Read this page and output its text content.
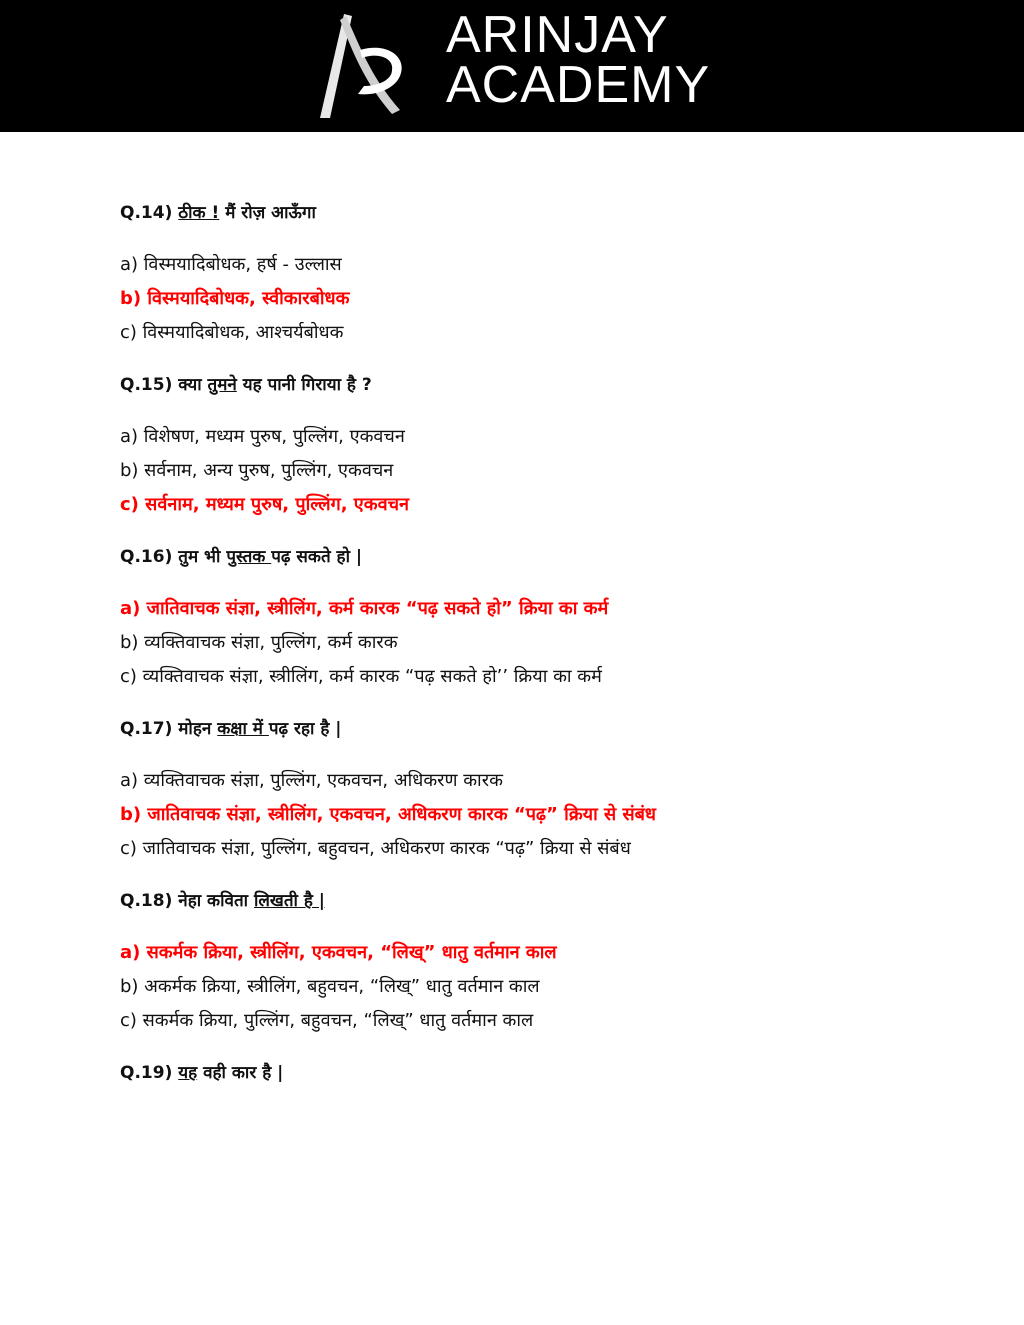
ARINJAY
ACADEMY
Q.14) ठीक ! मैं रोज़ आऊँगा
a) विस्मयादिबोधक, हर्ष - उल्लास
b) विस्मयादिबोधक, स्वीकारबोधक
c) विस्मयादिबोधक, आश्चर्यबोधक
Q.15) क्या तुमने यह पानी गिराया है ?
a) विशेषण, मध्यम पुरुष, पुल्लिंग, एकवचन
b) सर्वनाम, अन्य पुरुष, पुल्लिंग, एकवचन
c) सर्वनाम, मध्यम पुरुष, पुल्लिंग, एकवचन
Q.16) तुम भी पुस्तक पढ़ सकते हो |
a) जातिवाचक संज्ञा, स्त्रीलिंग, कर्म कारक “पढ़ सकते हो” क्रिया का कर्म
b) व्यक्तिवाचक संज्ञा, पुल्लिंग, कर्म कारक
c) व्यक्तिवाचक संज्ञा, स्त्रीलिंग, कर्म कारक “पढ़ सकते हो’’ क्रिया का कर्म
Q.17) मोहन कक्षा में पढ़ रहा है |
a) व्यक्तिवाचक संज्ञा, पुल्लिंग, एकवचन, अधिकरण कारक
b) जातिवाचक संज्ञा, स्त्रीलिंग, एकवचन, अधिकरण कारक “पढ़” क्रिया से संबंध
c) जातिवाचक संज्ञा, पुल्लिंग, बहुवचन, अधिकरण कारक “पढ़” क्रिया से संबंध
Q.18) नेहा कविता लिखती है |
a) सकर्मक क्रिया, स्त्रीलिंग, एकवचन, “लिख्” धातु वर्तमान काल
b) अकर्मक क्रिया, स्त्रीलिंग, बहुवचन, “लिख्” धातु वर्तमान काल
c) सकर्मक क्रिया, पुल्लिंग, बहुवचन, “लिख्” धातु वर्तमान काल
Q.19) यह वही कार है |
